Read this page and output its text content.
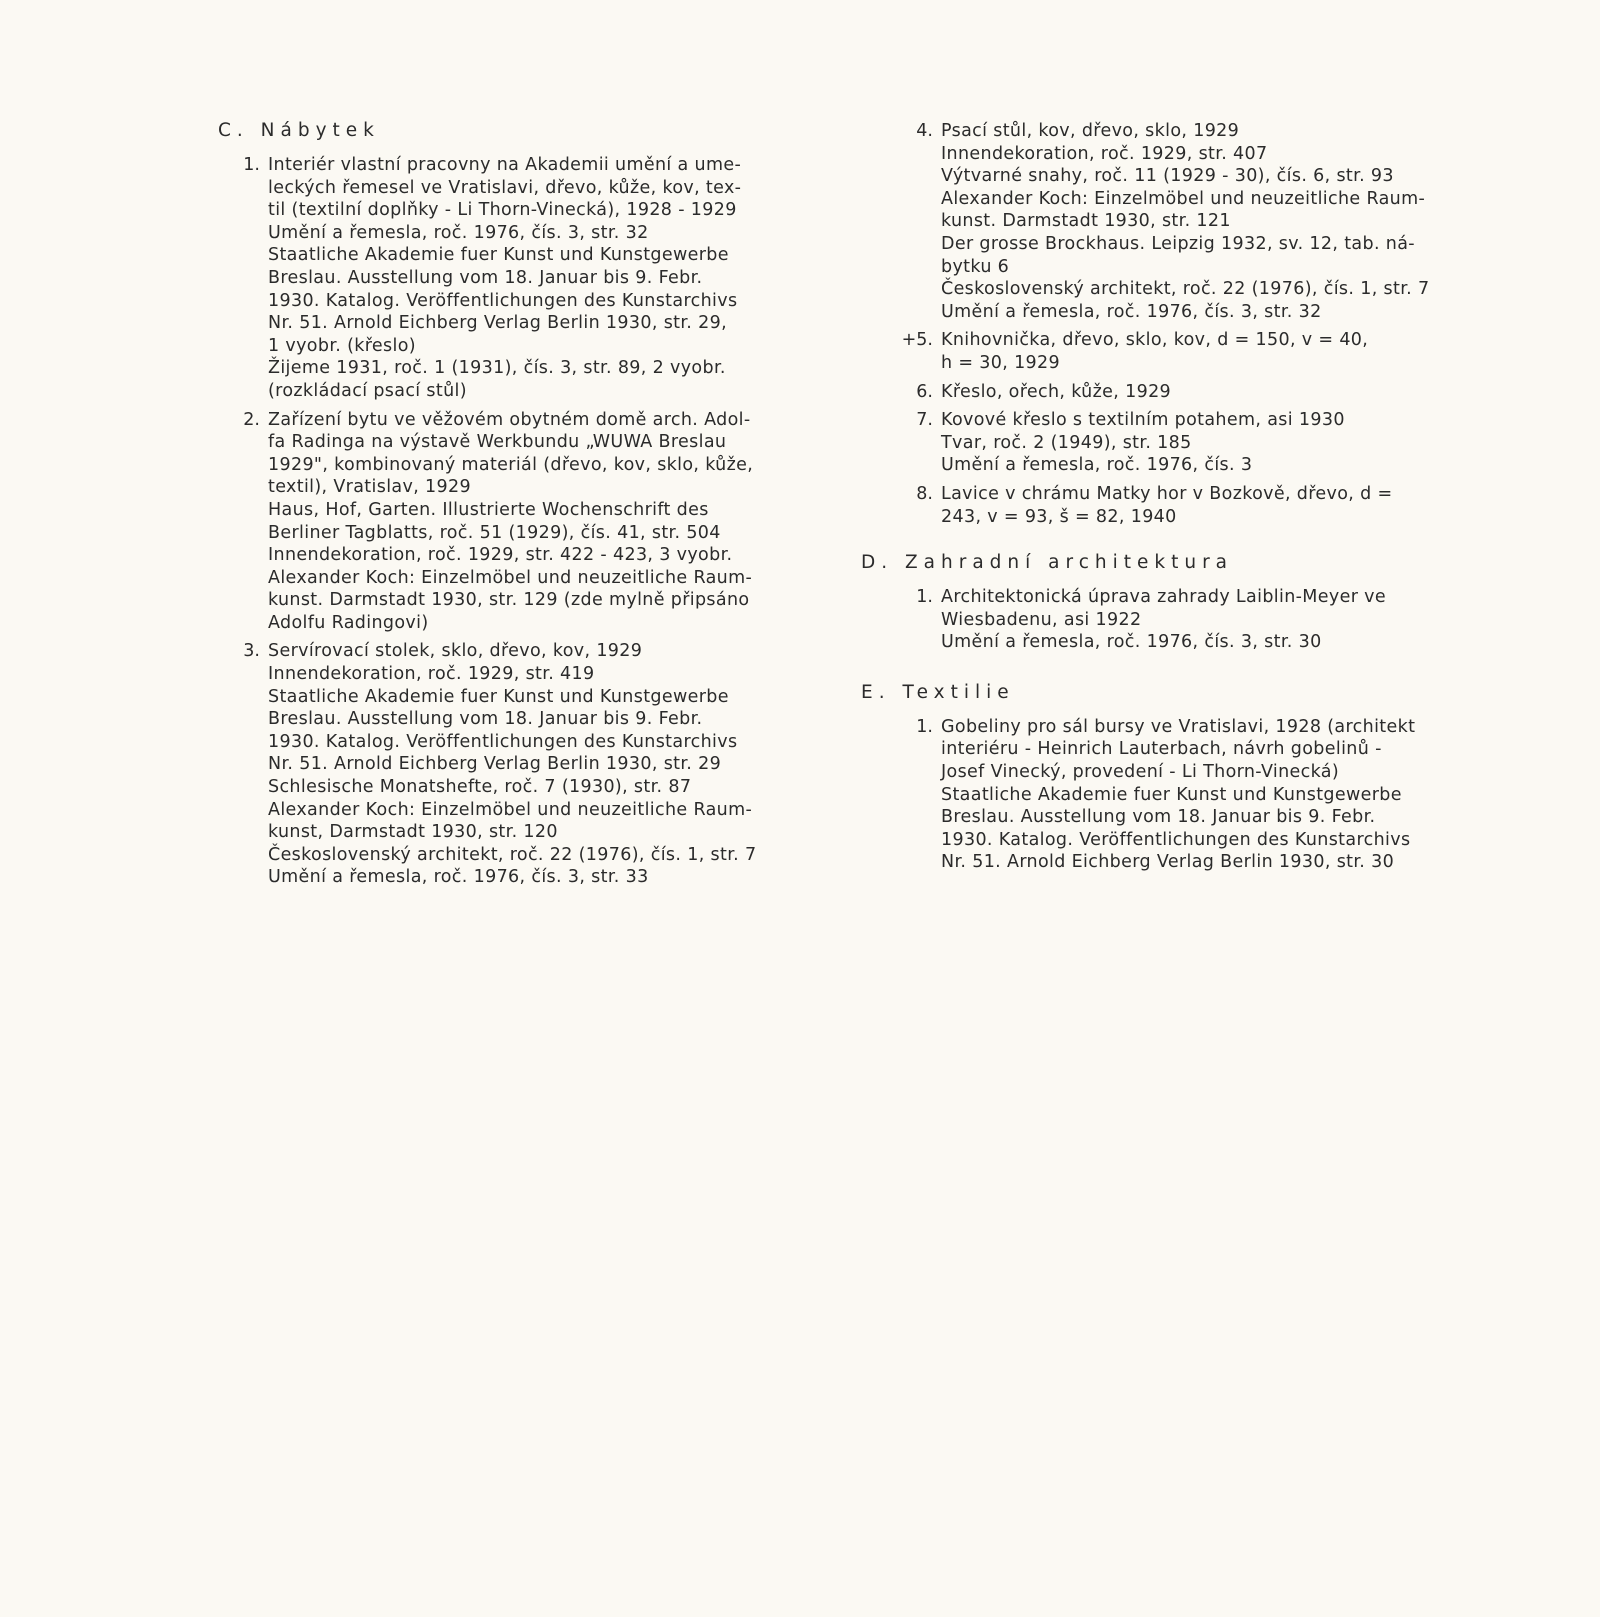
C. Nábytek
1. Interiér vlastní pracovny na Akademii umění a ume-
leckých řemesel ve Vratislavi, dřevo, kůže, kov, tex-
til (textilní doplňky - Li Thorn-Vinecká), 1928 - 1929
Umění a řemesla, roč. 1976, čís. 3, str. 32
Staatliche Akademie fuer Kunst und Kunstgewerbe
Breslau. Ausstellung vom 18. Januar bis 9. Febr.
1930. Katalog. Veröffentlichungen des Kunstarchivs
Nr. 51. Arnold Eichberg Verlag Berlin 1930, str. 29,
1 vyobr. (křeslo)
Žijeme 1931, roč. 1 (1931), čís. 3, str. 89, 2 vyobr.
(rozkládací psací stůl)
2. Zařízení bytu ve věžovém obytném domě arch. Adol-
fa Radinga na výstavě Werkbundu „WUWA Breslau
1929", kombinovaný materiál (dřevo, kov, sklo, kůže,
textil), Vratislav, 1929
Haus, Hof, Garten. Illustrierte Wochenschrift des
Berliner Tagblatts, roč. 51 (1929), čís. 41, str. 504
Innendekoration, roč. 1929, str. 422 - 423, 3 vyobr.
Alexander Koch: Einzelmöbel und neuzeitliche Raum-
kunst. Darmstadt 1930, str. 129 (zde mylně připsáno
Adolfu Radingovi)
3. Servírovací stolek, sklo, dřevo, kov, 1929
Innendekoration, roč. 1929, str. 419
Staatliche Akademie fuer Kunst und Kunstgewerbe
Breslau. Ausstellung vom 18. Januar bis 9. Febr.
1930. Katalog. Veröffentlichungen des Kunstarchivs
Nr. 51. Arnold Eichberg Verlag Berlin 1930, str. 29
Schlesische Monatshefte, roč. 7 (1930), str. 87
Alexander Koch: Einzelmöbel und neuzeitliche Raum-
kunst, Darmstadt 1930, str. 120
Československý architekt, roč. 22 (1976), čís. 1, str. 7
Umění a řemesla, roč. 1976, čís. 3, str. 33
4. Psací stůl, kov, dřevo, sklo, 1929
Innendekoration, roč. 1929, str. 407
Výtvarné snahy, roč. 11 (1929 - 30), čís. 6, str. 93
Alexander Koch: Einzelmöbel und neuzeitliche Raum-
kunst. Darmstadt 1930, str. 121
Der grosse Brockhaus. Leipzig 1932, sv. 12, tab. ná-
bytku 6
Československý architekt, roč. 22 (1976), čís. 1, str. 7
Umění a řemesla, roč. 1976, čís. 3, str. 32
+5. Knihovnička, dřevo, sklo, kov, d = 150, v = 40,
h = 30, 1929
6. Křeslo, ořech, kůže, 1929
7. Kovové křeslo s textilním potahem, asi 1930
Tvar, roč. 2 (1949), str. 185
Umění a řemesla, roč. 1976, čís. 3
8. Lavice v chrámu Matky hor v Bozkově, dřevo, d =
243, v = 93, š = 82, 1940
D. Zahradní architektura
1. Architektonická úprava zahrady Laiblin-Meyer ve
Wiesbadenu, asi 1922
Umění a řemesla, roč. 1976, čís. 3, str. 30
E. Textilie
1. Gobeliny pro sál bursy ve Vratislavi, 1928 (architekt
interiéru - Heinrich Lauterbach, návrh gobelinů -
Josef Vinecký, provedení - Li Thorn-Vinecká)
Staatliche Akademie fuer Kunst und Kunstgewerbe
Breslau. Ausstellung vom 18. Januar bis 9. Febr.
1930. Katalog. Veröffentlichungen des Kunstarchivs
Nr. 51. Arnold Eichberg Verlag Berlin 1930, str. 30
